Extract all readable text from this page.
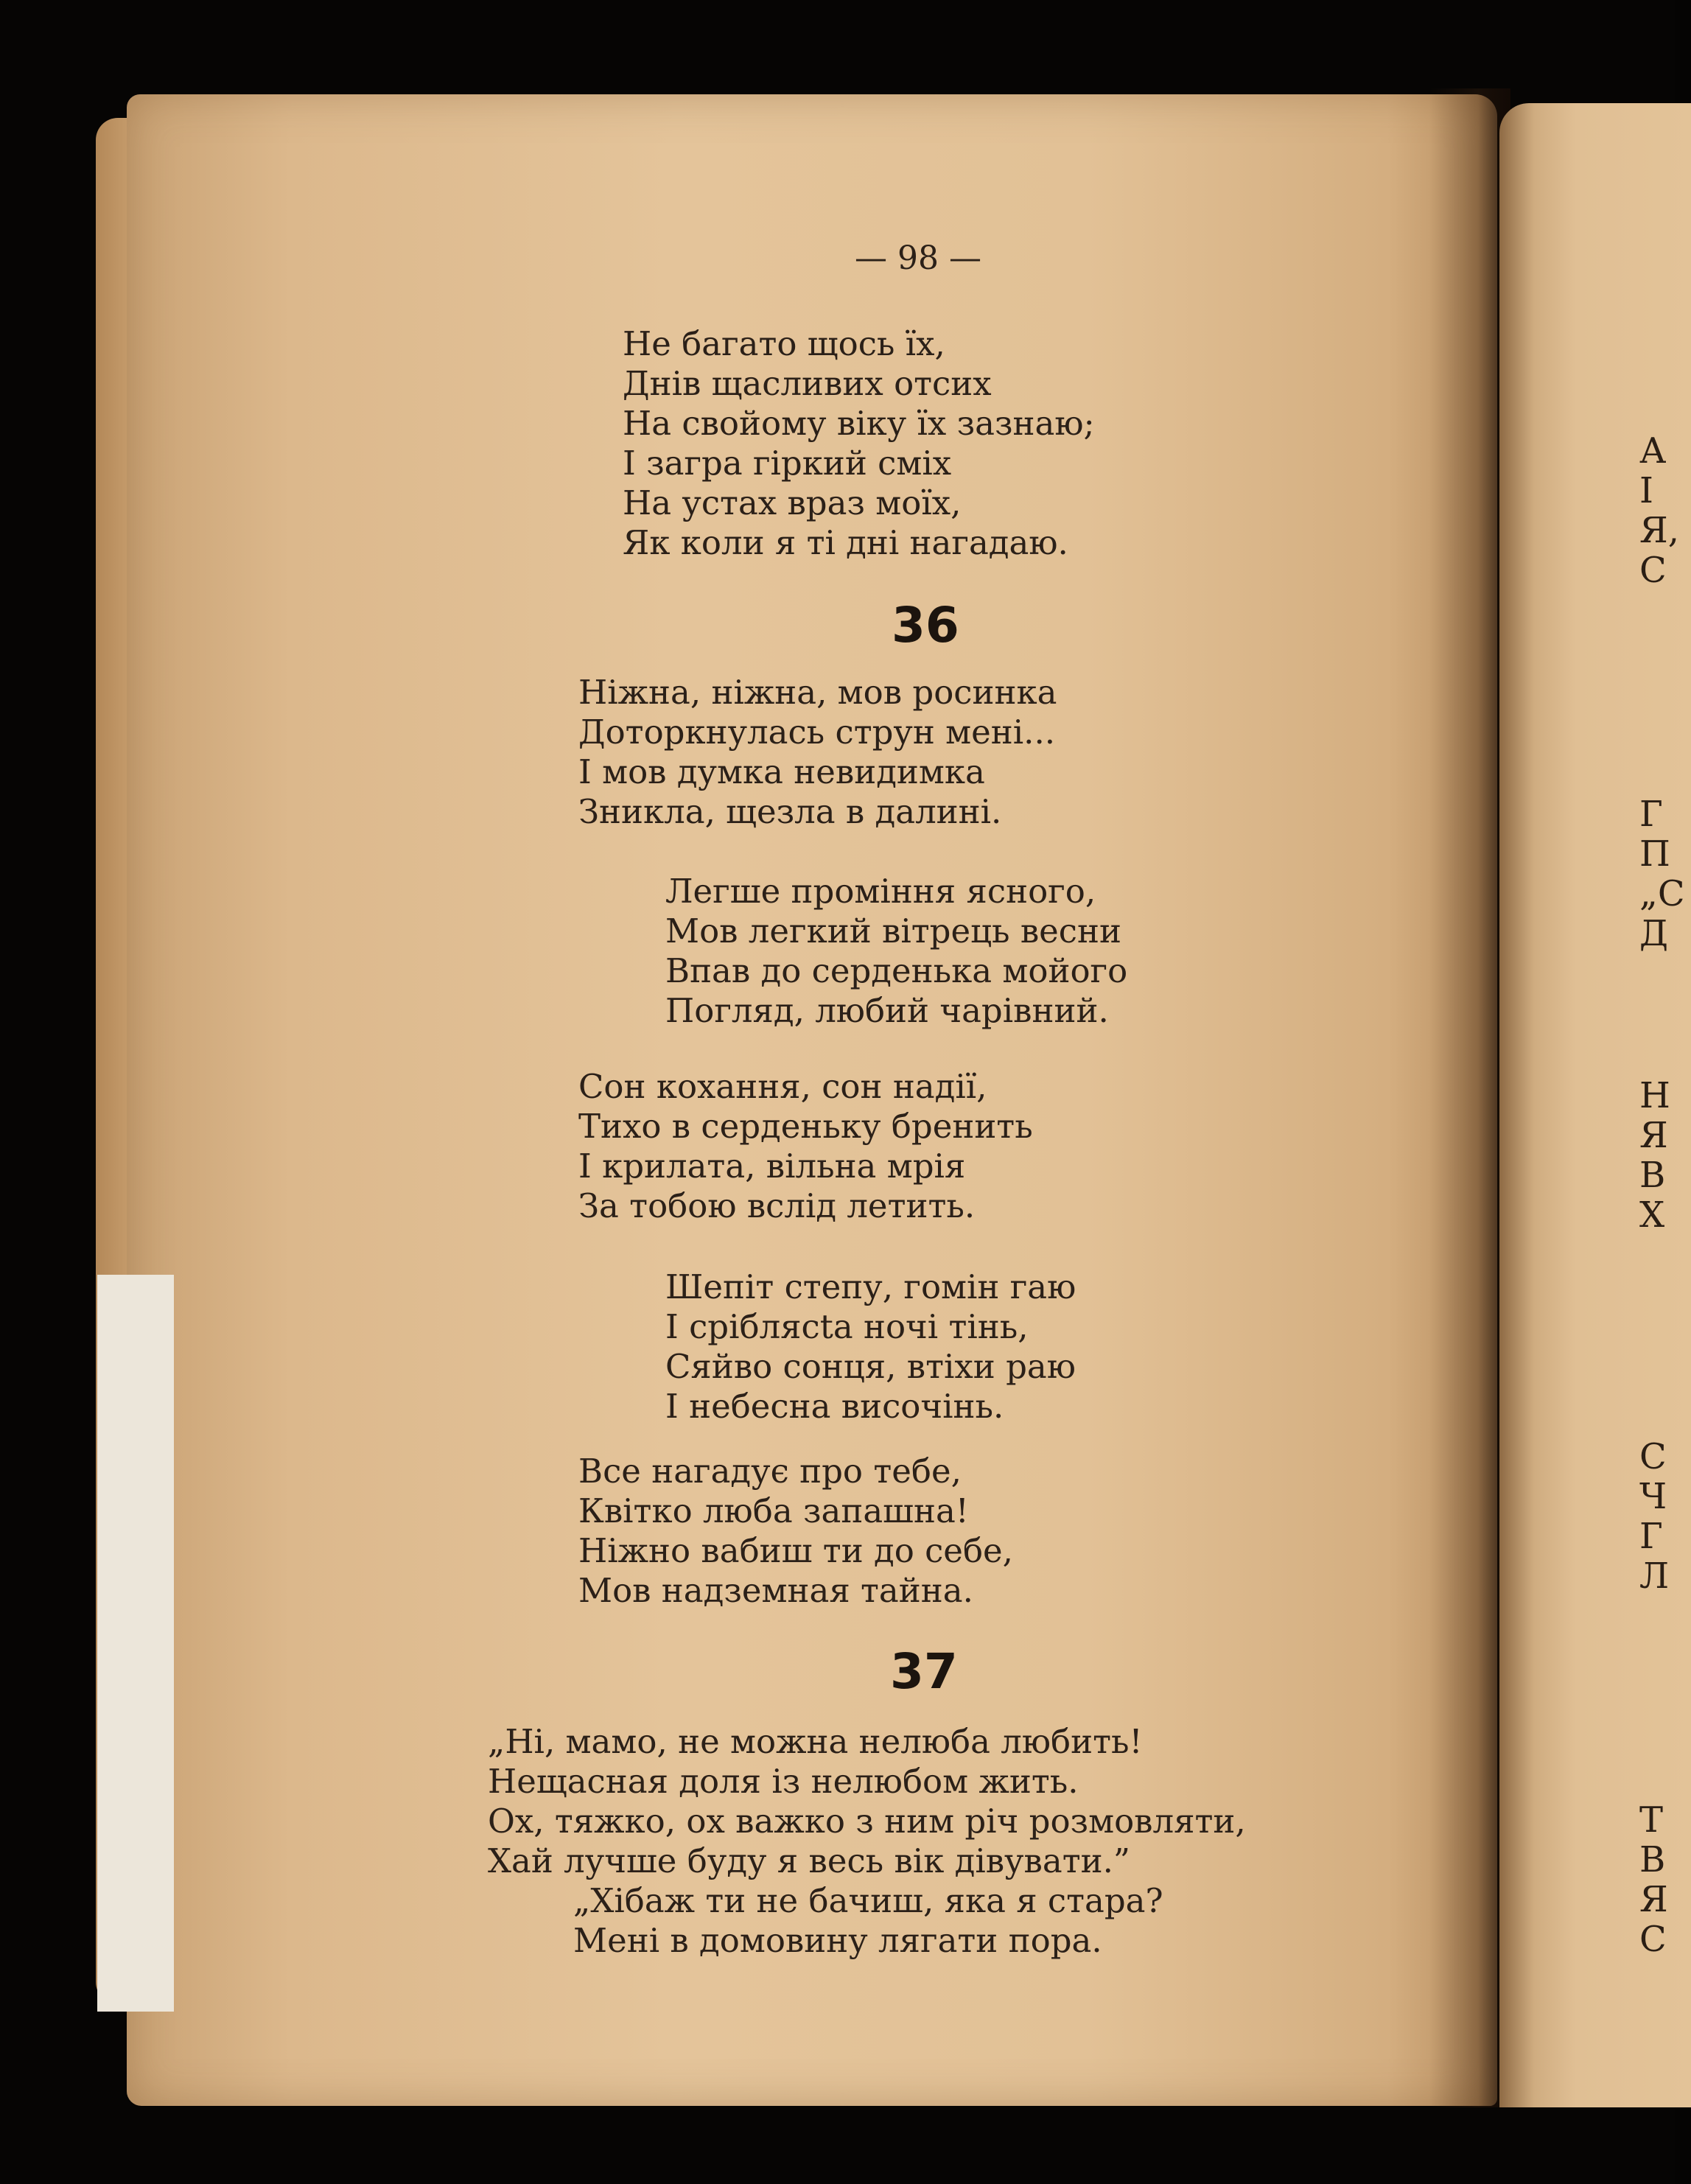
— 98 —
Не багато щось їх,
Днів щасливих отсих
На свойому віку їх зазнаю;
І загра гіркий сміх
На устах враз моїх,
Як коли я ті дні нагадаю.
36
Ніжна, ніжна, мов росинка
Доторкнулась струн мені...
І мов думка невидимка
Зникла, щезла в далині.
Легше проміння ясного,
Мов легкий вітрець весни
Впав до серденька мойого
Погляд, любий чарівний.
Сон кохання, сон надії,
Тихо в серденьку бренить
І крилата, вільна мрія
За тобою вслід летить.
Шепіт степу, гомін гаю
І сріблясta ночі тінь,
Сяйво сонця, втіхи раю
І небесна височінь.
Все нагадує про тебе,
Квітко люба запашна!
Ніжно вабиш ти до себе,
Мов надземная тайна.
37
„Ні, мамо, не можна нелюба любить!
Нещасная доля із нелюбом жить.
Ох, тяжко, ох важко з ним річ розмовляти,
Хай лучше буду я весь вік дівувати.”
„Хібаж ти не бачиш, яка я стара?
Мені в домовину лягати пора.
А
І
Я,
С
Г
П
„С
Д
Н
Я
В
Х
С
Ч
Г
Л
Т
В
Я
С
